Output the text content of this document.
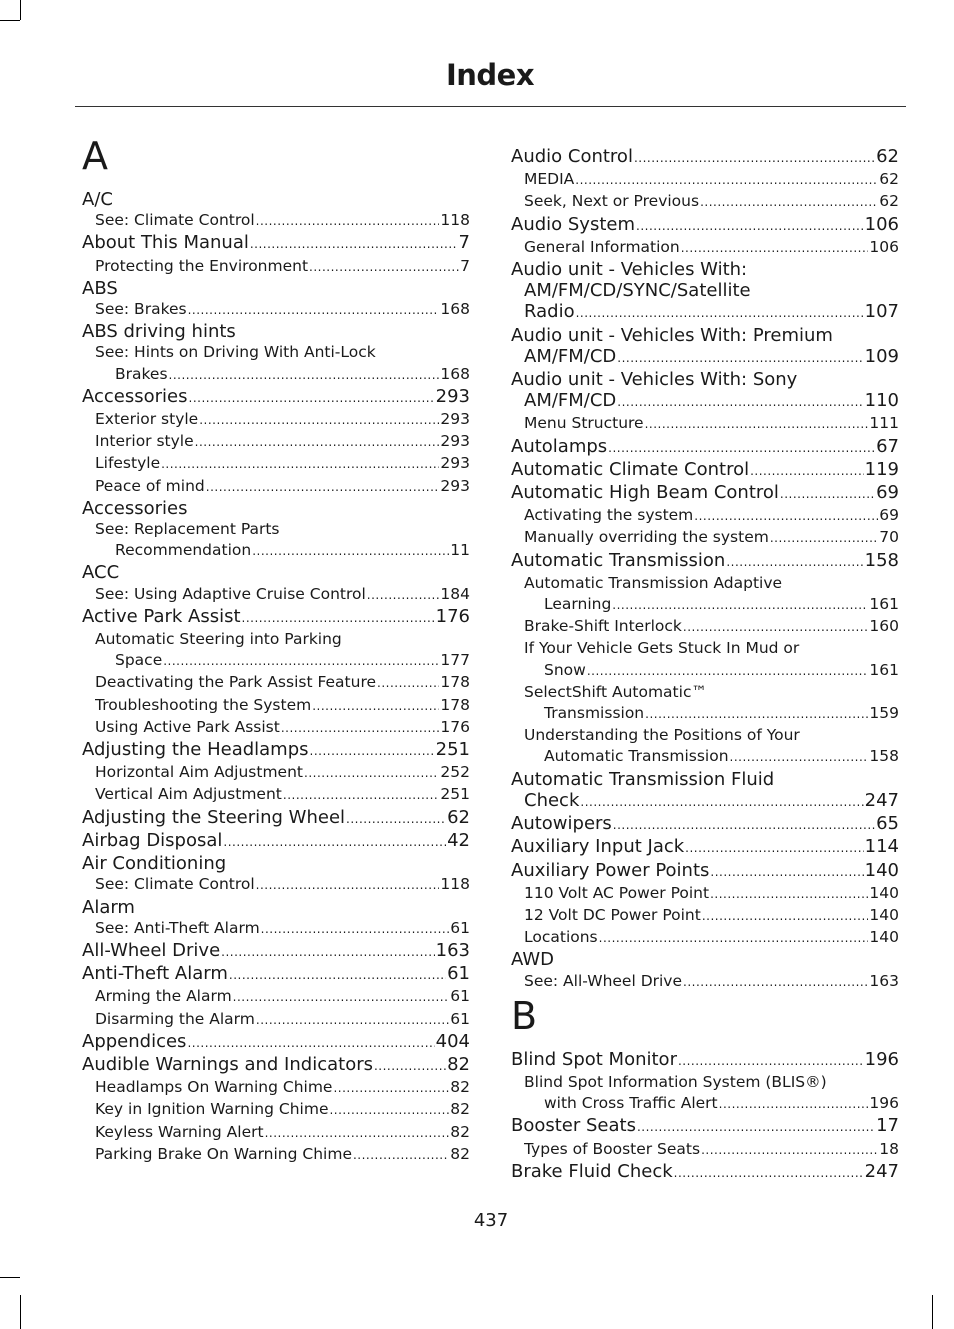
Index
A
A/C
See: Climate Control .....	118
About This Manual .....	7
Protecting the Environment .....	7
ABS
See: Brakes .....	168
ABS driving hints
See: Hints on Driving With Anti-Lock
Brakes .....	168
Accessories .....	293
Exterior style .....	293
Interior style .....	293
Lifestyle .....	293
Peace of mind .....	293
Accessories
See: Replacement Parts
Recommendation .....	11
ACC
See: Using Adaptive Cruise Control .....	184
Active Park Assist .....	176
Automatic Steering into Parking
Space .....	177
Deactivating the Park Assist Feature .....	178
Troubleshooting the System .....	178
Using Active Park Assist .....	176
Adjusting the Headlamps .....	251
Horizontal Aim Adjustment .....	252
Vertical Aim Adjustment .....	251
Adjusting the Steering Wheel .....	62
Airbag Disposal .....	42
Air Conditioning
See: Climate Control .....	118
Alarm
See: Anti-Theft Alarm .....	61
All-Wheel Drive .....	163
Anti-Theft Alarm .....	61
Arming the Alarm .....	61
Disarming the Alarm .....	61
Appendices .....	404
Audible Warnings and Indicators .....	82
Headlamps On Warning Chime .....	82
Key in Ignition Warning Chime .....	82
Keyless Warning Alert .....	82
Parking Brake On Warning Chime .....	82
Audio Control .....	62
MEDIA .....	62
Seek, Next or Previous .....	62
Audio System .....	106
General Information .....	106
Audio unit - Vehicles With:
AM/FM/CD/SYNC/Satellite
Radio .....	107
Audio unit - Vehicles With: Premium
AM/FM/CD .....	109
Audio unit - Vehicles With: Sony
AM/FM/CD .....	110
Menu Structure .....	111
Autolamps .....	67
Automatic Climate Control .....	119
Automatic High Beam Control .....	69
Activating the system .....	69
Manually overriding the system .....	70
Automatic Transmission .....	158
Automatic Transmission Adaptive
Learning .....	161
Brake-Shift Interlock .....	160
If Your Vehicle Gets Stuck In Mud or
Snow .....	161
SelectShift Automatic™
Transmission .....	159
Understanding the Positions of Your
Automatic Transmission .....	158
Automatic Transmission Fluid
Check .....	247
Autowipers .....	65
Auxiliary Input Jack .....	114
Auxiliary Power Points .....	140
110 Volt AC Power Point .....	140
12 Volt DC Power Point .....	140
Locations .....	140
AWD
See: All-Wheel Drive .....	163
B
Blind Spot Monitor .....	196
Blind Spot Information System (BLIS®)
with Cross Traffic Alert .....	196
Booster Seats .....	17
Types of Booster Seats .....	18
Brake Fluid Check .....	247
437
